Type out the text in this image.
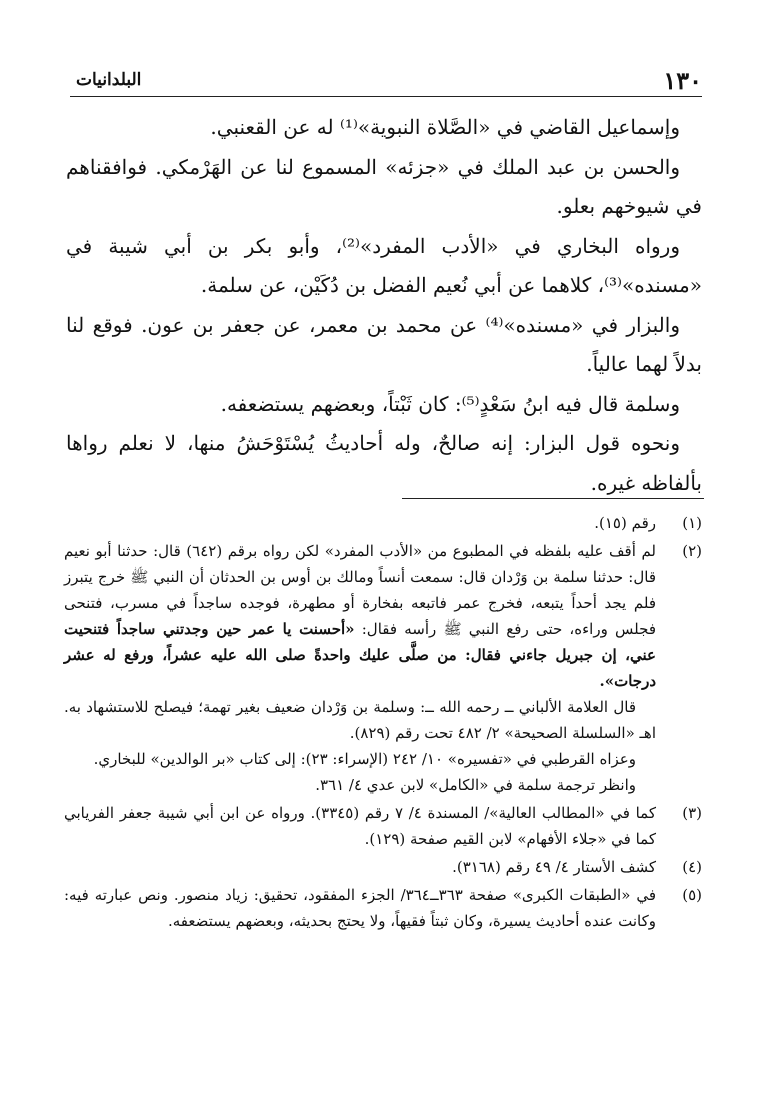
١٣٠
البلدانيات

وإسماعيل القاضي في «الصَّلاة النبوية»⁽¹⁾ له عن القعنبي.

والحسن بن عبد الملك في «جزئه» المسموع لنا عن الهَرْمكي. فوافقناهم في شيوخهم بعلو.

ورواه البخاري في «الأدب المفرد»⁽²⁾، وأبو بكر بن أبي شيبة في «مسنده»⁽³⁾، كلاهما عن أبي نُعيم الفضل بن دُكَيْن، عن سلمة.

والبزار في «مسنده»⁽⁴⁾ عن محمد بن معمر، عن جعفر بن عون. فوقع لنا بدلاً لهما عالياً.

وسلمة قال فيه ابنُ سَعْدٍ⁽⁵⁾: كان ثَبْتاً، وبعضهم يستضعفه.

ونحوه قول البزار: إنه صالحٌ، وله أحاديثُ يُسْتَوْحَشُ منها، لا نعلم رواها بألفاظه غيره.

(١)
رقم (١٥).
(٢)
لم أقف عليه بلفظه في المطبوع من «الأدب المفرد» لكن رواه برقم (٦٤٢) قال: حدثنا أبو نعيم قال: حدثنا سلمة بن وَرْدان قال: سمعت أنساً ومالك بن أوس بن الحدثان أن النبي ﷺ خرج يتبرز فلم يجد أحداً يتبعه، فخرج عمر فاتبعه بفخارة أو مطهرة، فوجده ساجداً في مسرب، فتنحى فجلس وراءه، حتى رفع النبي ﷺ رأسه فقال: «أحسنت يا عمر حين وجدتني ساجداً فتنحيت عني، إن جبريل جاءني فقال: من صلَّى عليك واحدةً صلى الله عليه عشراً، ورفع له عشر درجات».
قال العلامة الألباني ــ رحمه الله ــ: وسلمة بن وَرْدان ضعيف بغير تهمة؛ فيصلح للاستشهاد به. اهـ «السلسلة الصحيحة» ٢/ ٤٨٢ تحت رقم (٨٢٩).
وعزاه القرطبي في «تفسيره» ١٠/ ٢٤٢ (الإسراء: ٢٣): إلى كتاب «بر الوالدين» للبخاري.
وانظر ترجمة سلمة في «الكامل» لابن عدي ٤/ ٣٦١.
(٣)
كما في «المطالب العالية»/ المسندة ٤/ ٧ رقم (٣٣٤٥). ورواه عن ابن أبي شيبة جعفر الفريابي كما في «جلاء الأفهام» لابن القيم صفحة (١٢٩).
(٤)
كشف الأستار ٤/ ٤٩ رقم (٣١٦٨).
(٥)
في «الطبقات الكبرى» صفحة ٣٦٣ــ٣٦٤/ الجزء المفقود، تحقيق: زياد منصور. ونص عبارته فيه: وكانت عنده أحاديث يسيرة، وكان ثبتاً فقيهاً، ولا يحتج بحديثه، وبعضهم يستضعفه.
